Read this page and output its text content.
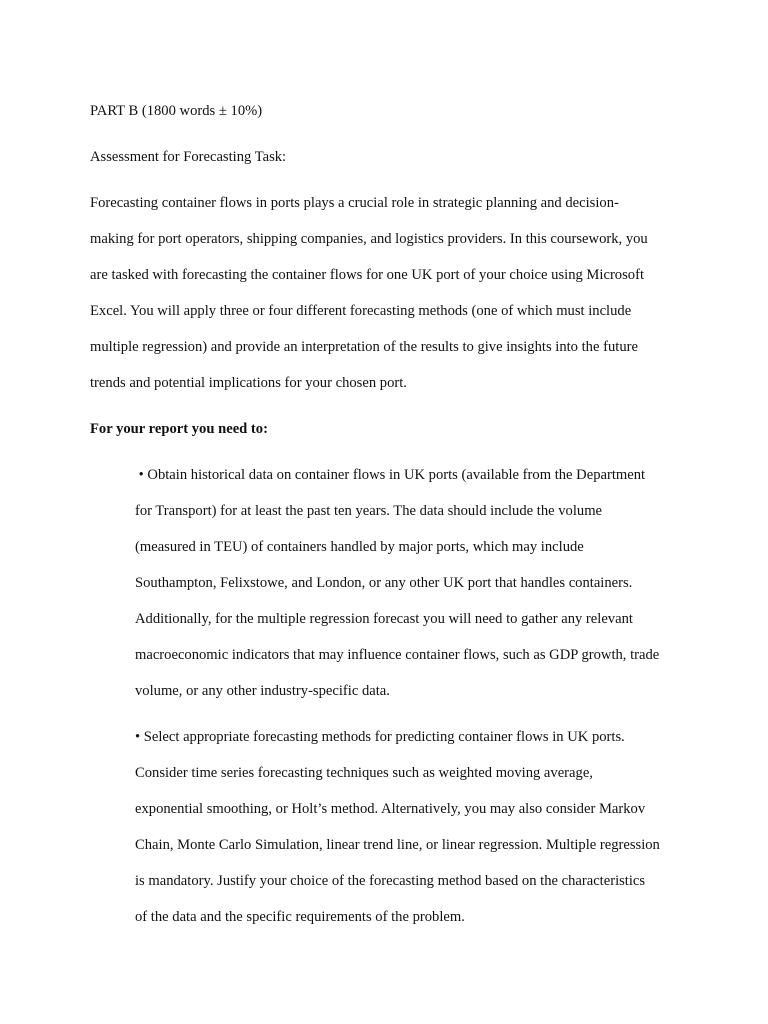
PART B (1800 words ± 10%)

Assessment for Forecasting Task:

Forecasting container flows in ports plays a crucial role in strategic planning and decision-
making for port operators, shipping companies, and logistics providers. In this coursework, you
are tasked with forecasting the container flows for one UK port of your choice using Microsoft
Excel. You will apply three or four different forecasting methods (one of which must include
multiple regression) and provide an interpretation of the results to give insights into the future
trends and potential implications for your chosen port.

For your report you need to:

• Obtain historical data on container flows in UK ports (available from the Department
for Transport) for at least the past ten years. The data should include the volume
(measured in TEU) of containers handled by major ports, which may include
Southampton, Felixstowe, and London, or any other UK port that handles containers.
Additionally, for the multiple regression forecast you will need to gather any relevant
macroeconomic indicators that may influence container flows, such as GDP growth, trade
volume, or any other industry-specific data.
• Select appropriate forecasting methods for predicting container flows in UK ports.
Consider time series forecasting techniques such as weighted moving average,
exponential smoothing, or Holt’s method. Alternatively, you may also consider Markov
Chain, Monte Carlo Simulation, linear trend line, or linear regression. Multiple regression
is mandatory. Justify your choice of the forecasting method based on the characteristics
of the data and the specific requirements of the problem.
